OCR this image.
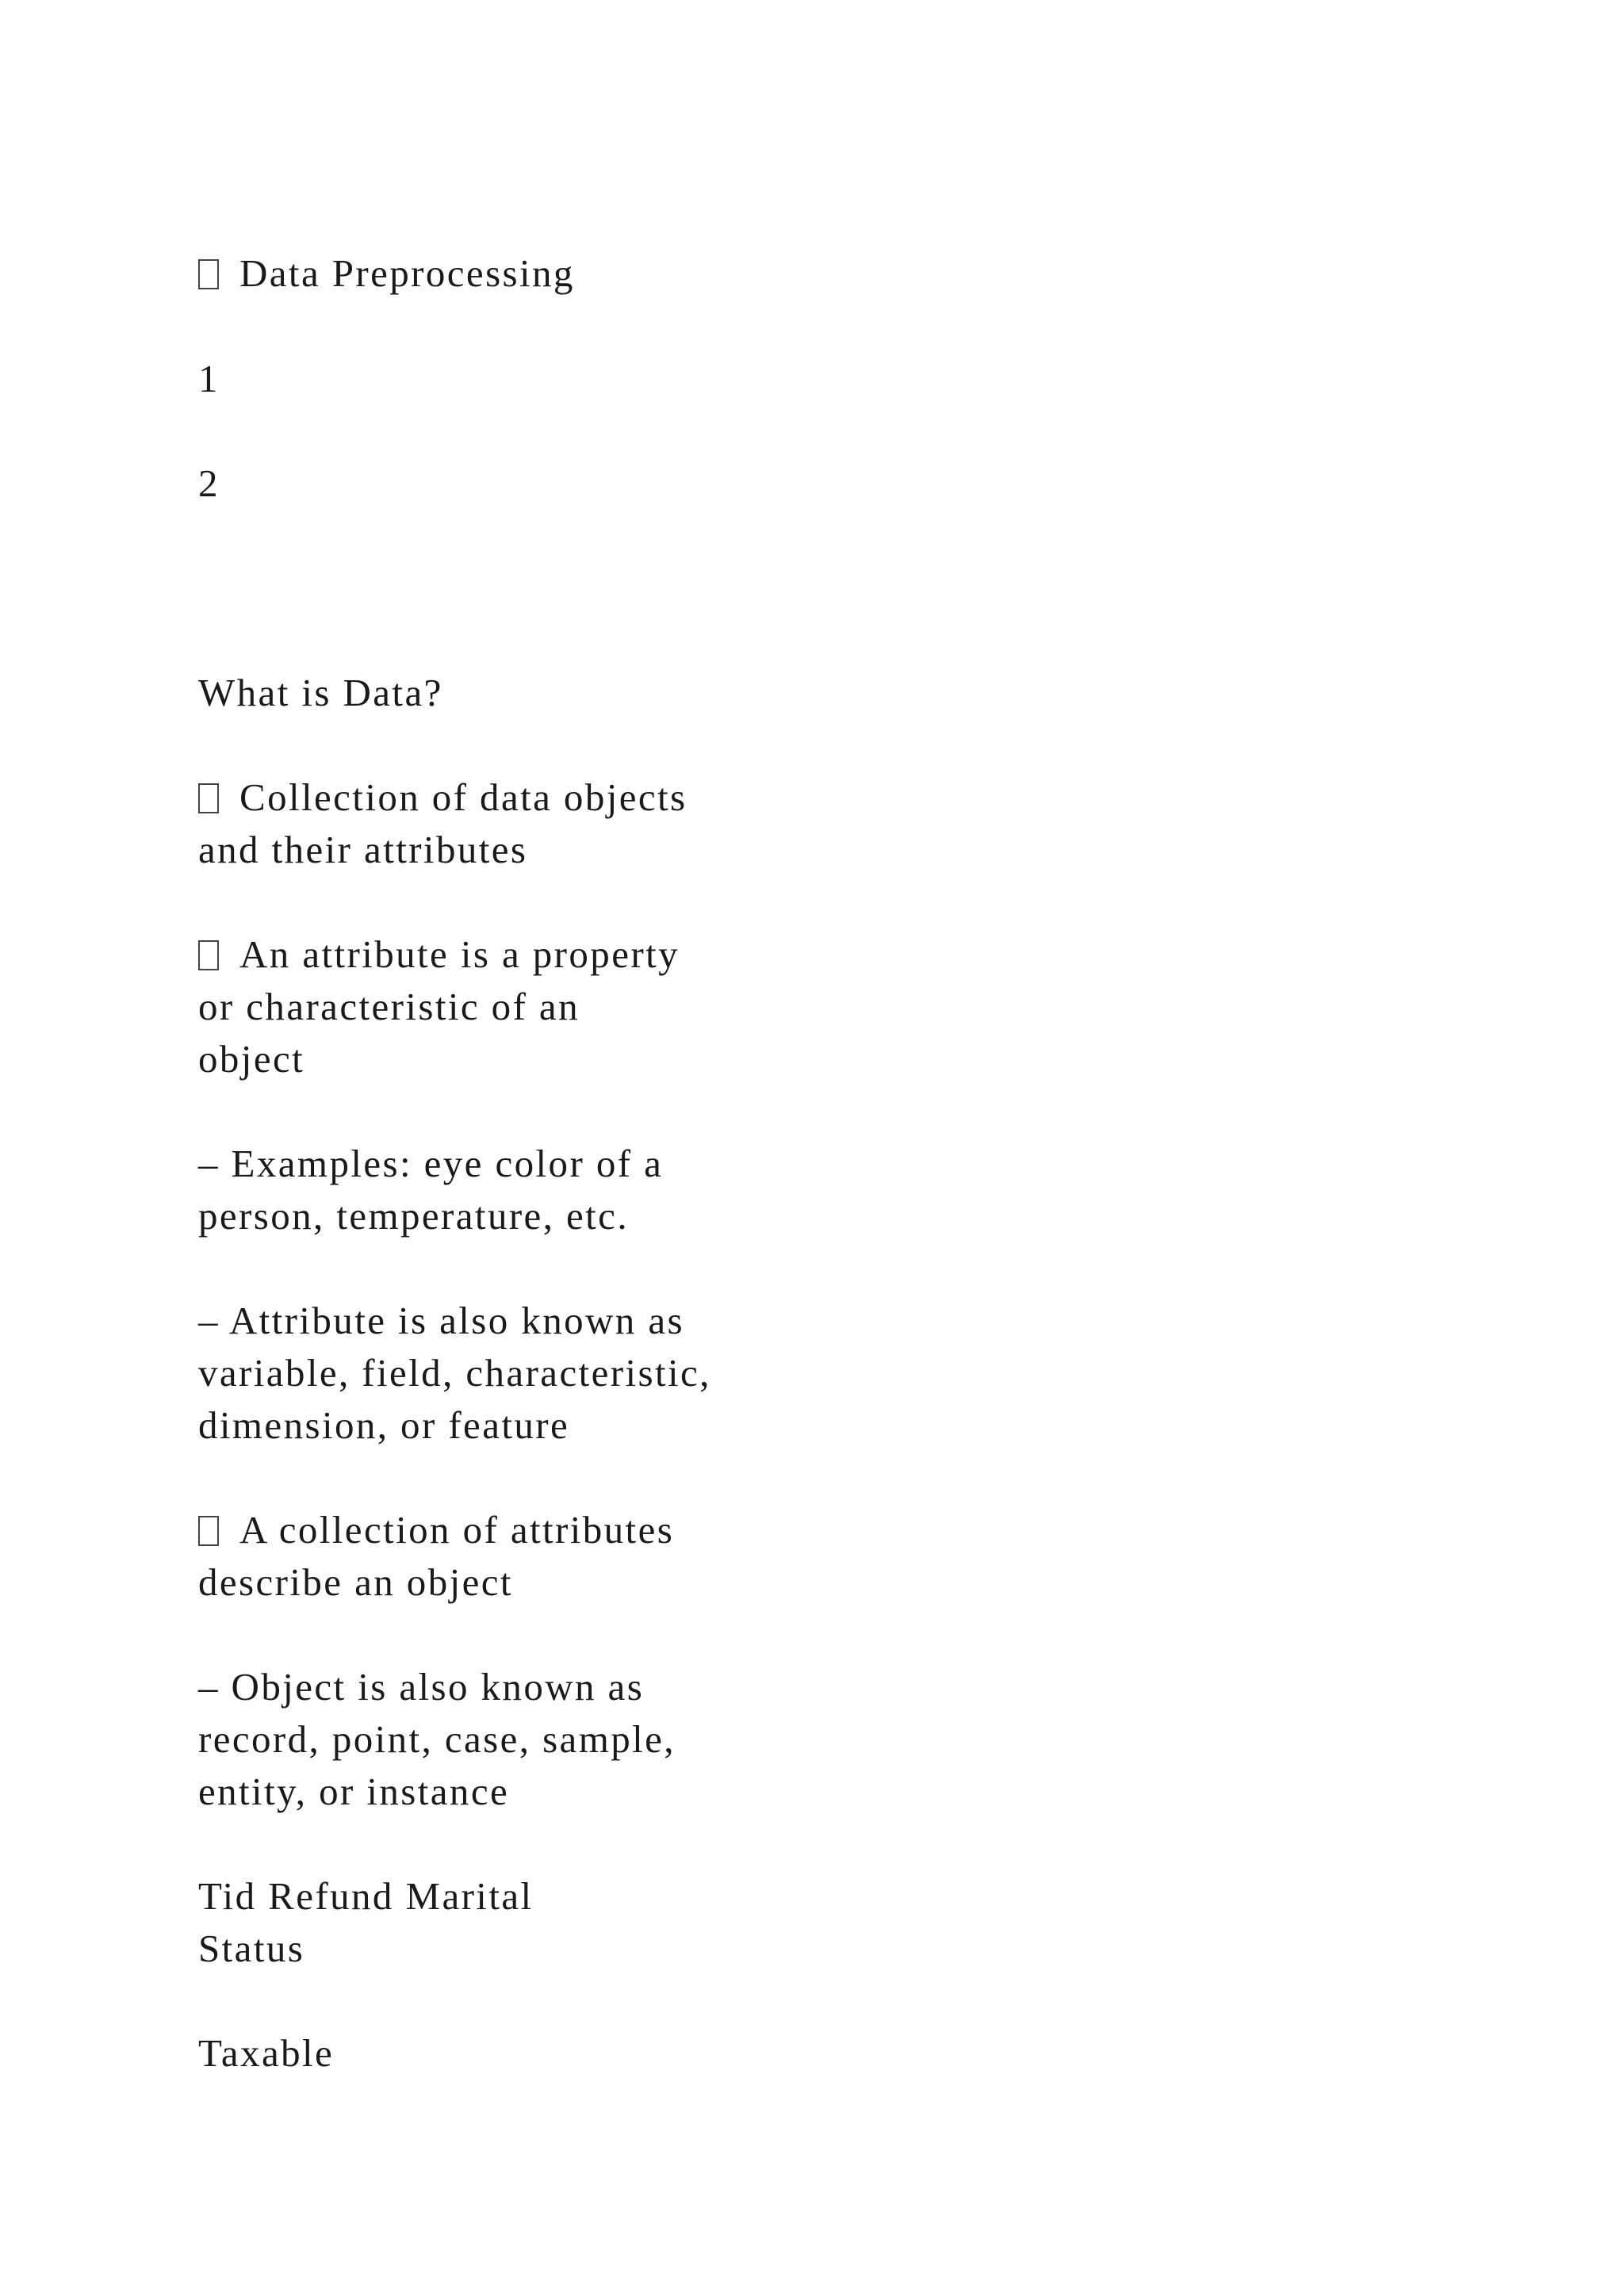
Data Preprocessing

1

2

What is Data?

Collection of data objects

and their attributes

An attribute is a property

or characteristic of an

object

– Examples: eye color of a

person, temperature, etc.

– Attribute is also known as

variable, field, characteristic,

dimension, or feature

A collection of attributes

describe an object

– Object is also known as

record, point, case, sample,

entity, or instance

Tid Refund Marital

Status

Taxable
